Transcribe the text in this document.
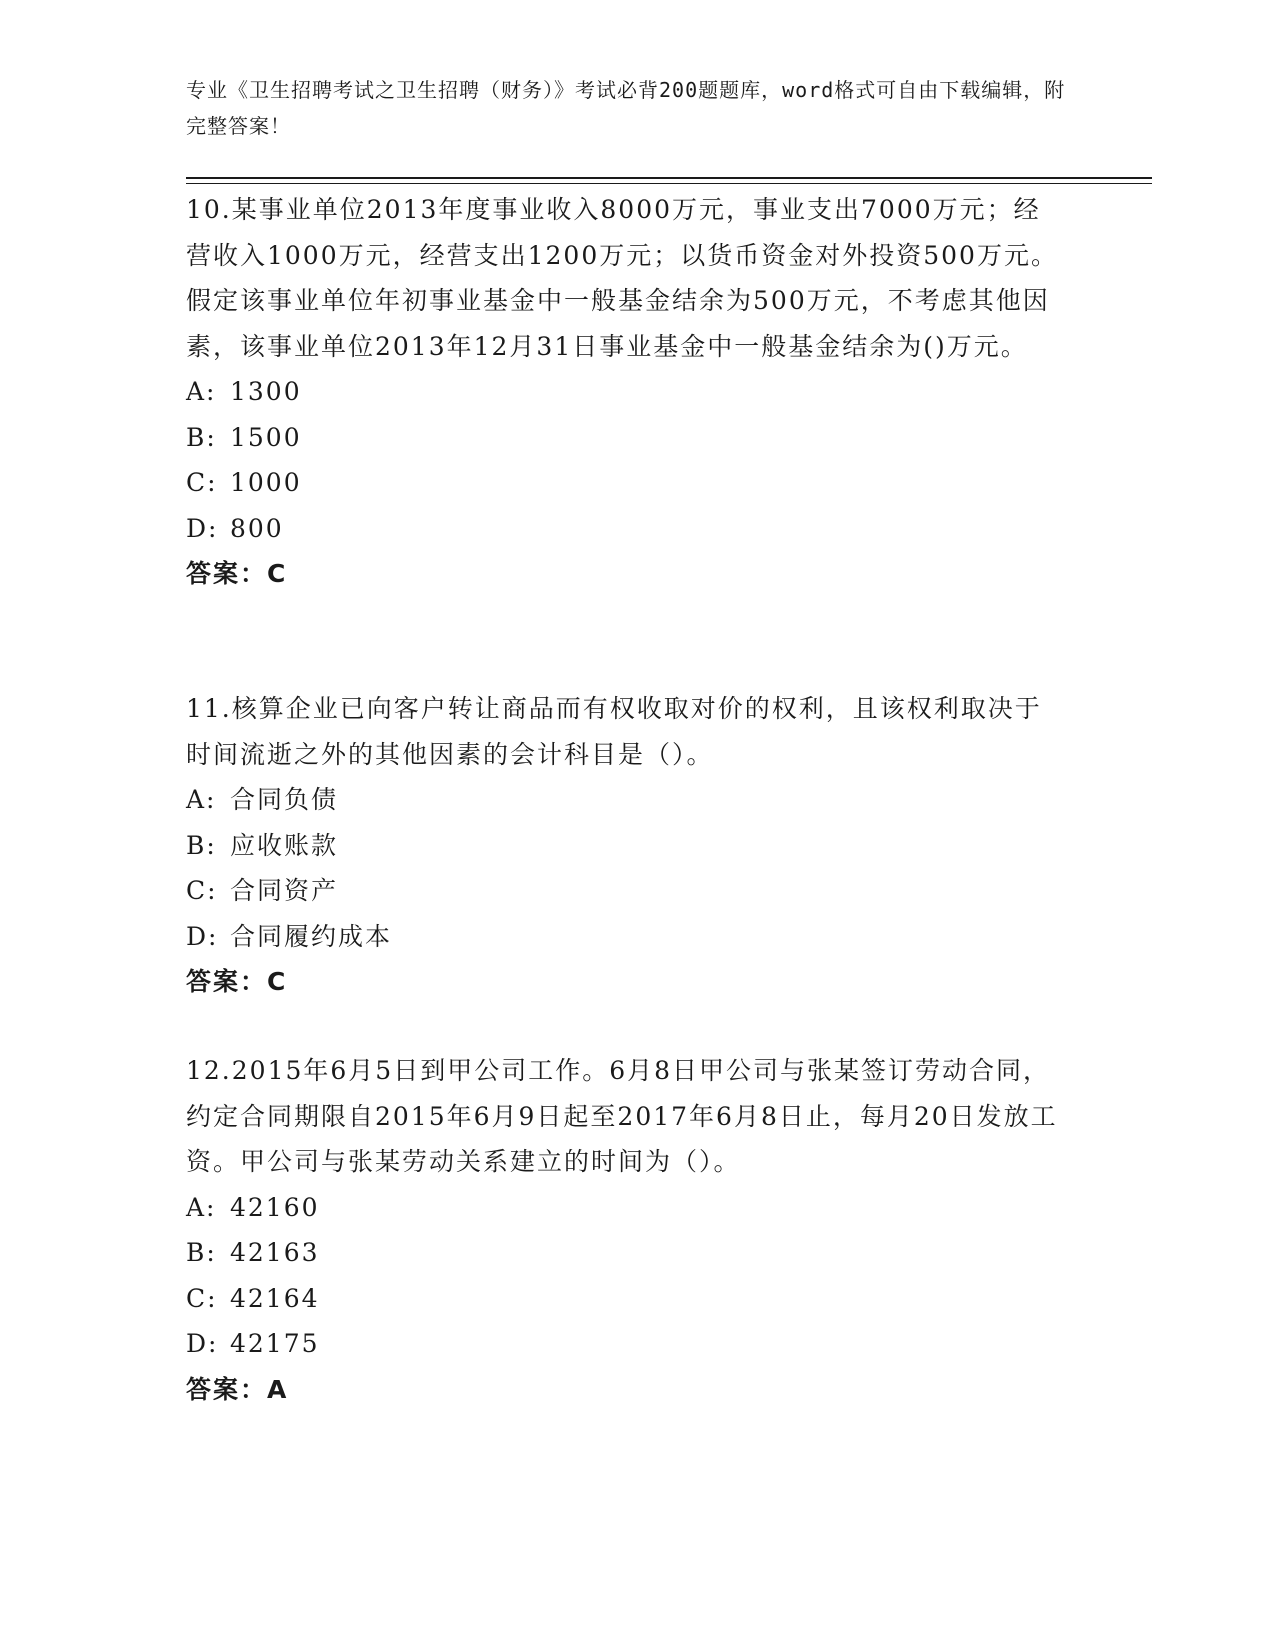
专业《卫生招聘考试之卫生招聘（财务）》考试必背200题题库，word格式可自由下载编辑，附完整答案！
10.某事业单位2013年度事业收入8000万元，事业支出7000万元；经营收入1000万元，经营支出1200万元；以货币资金对外投资500万元。假定该事业单位年初事业基金中一般基金结余为500万元，不考虑其他因素，该事业单位2013年12月31日事业基金中一般基金结余为()万元。
A: 1300
B: 1500
C: 1000
D: 800
答案：C
11.核算企业已向客户转让商品而有权收取对价的权利，且该权利取决于时间流逝之外的其他因素的会计科目是（）。
A: 合同负债
B: 应收账款
C: 合同资产
D: 合同履约成本
答案：C
12.2015年6月5日到甲公司工作。6月8日甲公司与张某签订劳动合同，约定合同期限自2015年6月9日起至2017年6月8日止，每月20日发放工资。甲公司与张某劳动关系建立的时间为（）。
A: 42160
B: 42163
C: 42164
D: 42175
答案：A
